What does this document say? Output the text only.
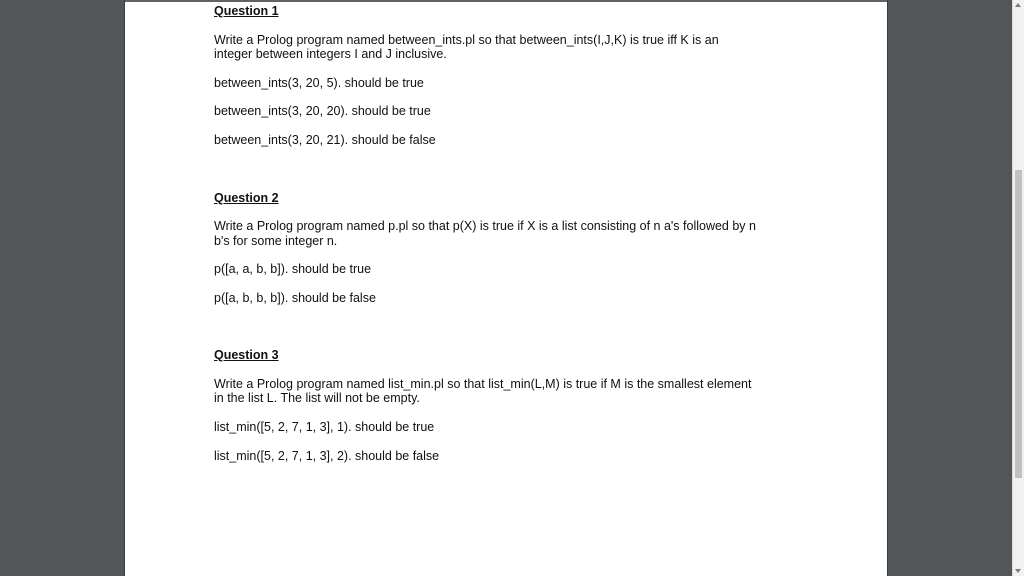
Question 1
Write a Prolog program named between_ints.pl so that between_ints(I,J,K) is true iff K is an
integer between integers I and J inclusive.
between_ints(3, 20, 5). should be true
between_ints(3, 20, 20). should be true
between_ints(3, 20, 21). should be false
Question 2
Write a Prolog program named p.pl so that p(X) is true if X is a list consisting of n a's followed by n
b's for some integer n.
p([a, a, b, b]). should be true
p([a, b, b, b]). should be false
Question 3
Write a Prolog program named list_min.pl so that list_min(L,M) is true if M is the smallest element
in the list L. The list will not be empty.
list_min([5, 2, 7, 1, 3], 1). should be true
list_min([5, 2, 7, 1, 3], 2). should be false
